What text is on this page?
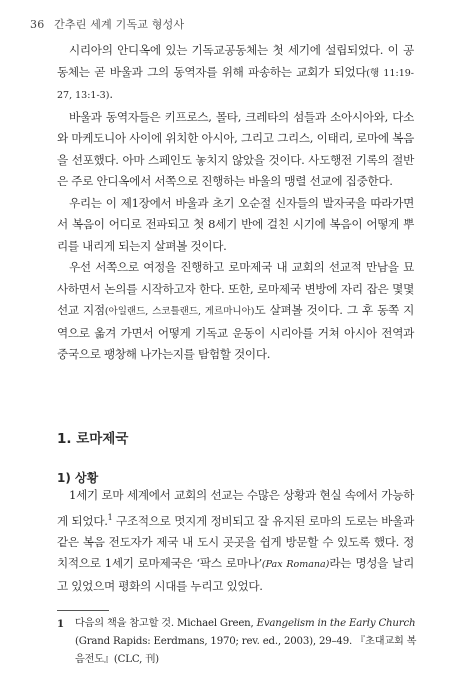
36 간추린 세계 기독교 형성사

시리아의 안디옥에 있는 기독교공동체는 첫 세기에 설립되었다. 이 공동체는 곧 바울과 그의 동역자를 위해 파송하는 교회가 되었다(행 11:19-27, 13:1-3).

바울과 동역자들은 키프로스, 몰타, 크레타의 섬들과 소아시아와, 다소와 마케도니아 사이에 위치한 아시아, 그리고 그리스, 이태리, 로마에 복음을 선포했다. 아마 스페인도 놓치지 않았을 것이다. 사도행전 기록의 절반은 주로 안디옥에서 서쪽으로 진행하는 바울의 맹렬 선교에 집중한다.

우리는 이 제1장에서 바울과 초기 오순절 신자들의 발자국을 따라가면서 복음이 어디로 전파되고 첫 8세기 반에 걸친 시기에 복음이 어떻게 뿌리를 내리게 되는지 살펴볼 것이다.

우선 서쪽으로 여정을 진행하고 로마제국 내 교회의 선교적 만남을 묘사하면서 논의를 시작하고자 한다. 또한, 로마제국 변방에 자리 잡은 몇몇 선교 지점(아일랜드, 스코틀랜드, 게르마니아)도 살펴볼 것이다. 그 후 동쪽 지역으로 옮겨 가면서 어떻게 기독교 운동이 시리아를 거쳐 아시아 전역과 중국으로 팽창해 나가는지를 탐험할 것이다.

1. 로마제국
1) 상황

1세기 로마 세계에서 교회의 선교는 수많은 상황과 현실 속에서 가능하게 되었다.$^1$ 구조적으로 멋지게 정비되고 잘 유지된 로마의 도로는 바울과 같은 복음 전도자가 제국 내 도시 곳곳을 쉽게 방문할 수 있도록 했다. 정치적으로 1세기 로마제국은 ‘팍스 로마나’(Pax Romana)라는 명성을 날리고 있었으며 평화의 시대를 누리고 있었다.

1 다음의 책을 참고할 것. Michael Green, Evangelism in the Early Church (Grand Rapids: Eerdmans, 1970; rev. ed., 2003), 29–49. 『초대교회 복음전도』(CLC, 刊)
